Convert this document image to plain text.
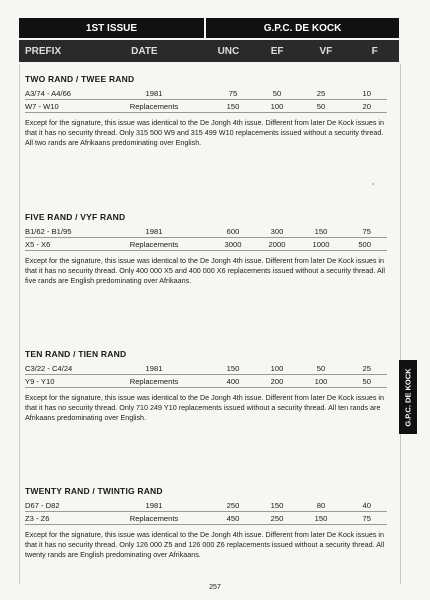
1ST ISSUE	G.P.C. DE KOCK
PREFIX	DATE	UNC	EF	VF	F
TWO RAND / TWEE RAND
A3/74 - A4/66	1981	75	50	25	10
W7 - W10	Replacements	150	100	50	20
Except for the signature, this issue was identical to the De Jongh 4th issue. Different from later De Kock issues in that it has no security thread. Only 315 500 W9 and 315 499 W10 replacements issued without a security thread. All two rands are Afrikaans predominating over English.
FIVE RAND / VYF RAND
B1/62 - B1/95	1981	600	300	150	75
X5 - X6	Replacements	3000	2000	1000	500
Except for the signature, this issue was identical to the De Jongh 4th issue. Different from later De Kock issues in that it has no security thread. Only 400 000 X5 and 400 000 X6 replacements issued without a security thread. All five rands are English predominating over Afrikaans.
TEN RAND / TIEN RAND
C3/22 - C4/24	1981	150	100	50	25
Y9 - Y10	Replacements	400	200	100	50
Except for the signature, this issue was identical to the De Jongh 4th issue. Different from later De Kock issues in that it has no security thread. Only 710 249 Y10 replacements issued without a security thread. All ten rands are Afrikaans predominating over English.
TWENTY RAND / TWINTIG RAND
D67 - D82	1981	250	150	80	40
Z3 - Z6	Replacements	450	250	150	75
Except for the signature, this issue was identical to the De Jongh 4th issue. Different from later De Kock issues in that it has no security thread. Only 126 000 Z5 and 126 000 Z6 replacements issued without a security thread. All twenty rands are English predominating over Afrikaans.
G.P.C. DE KOCK
257
